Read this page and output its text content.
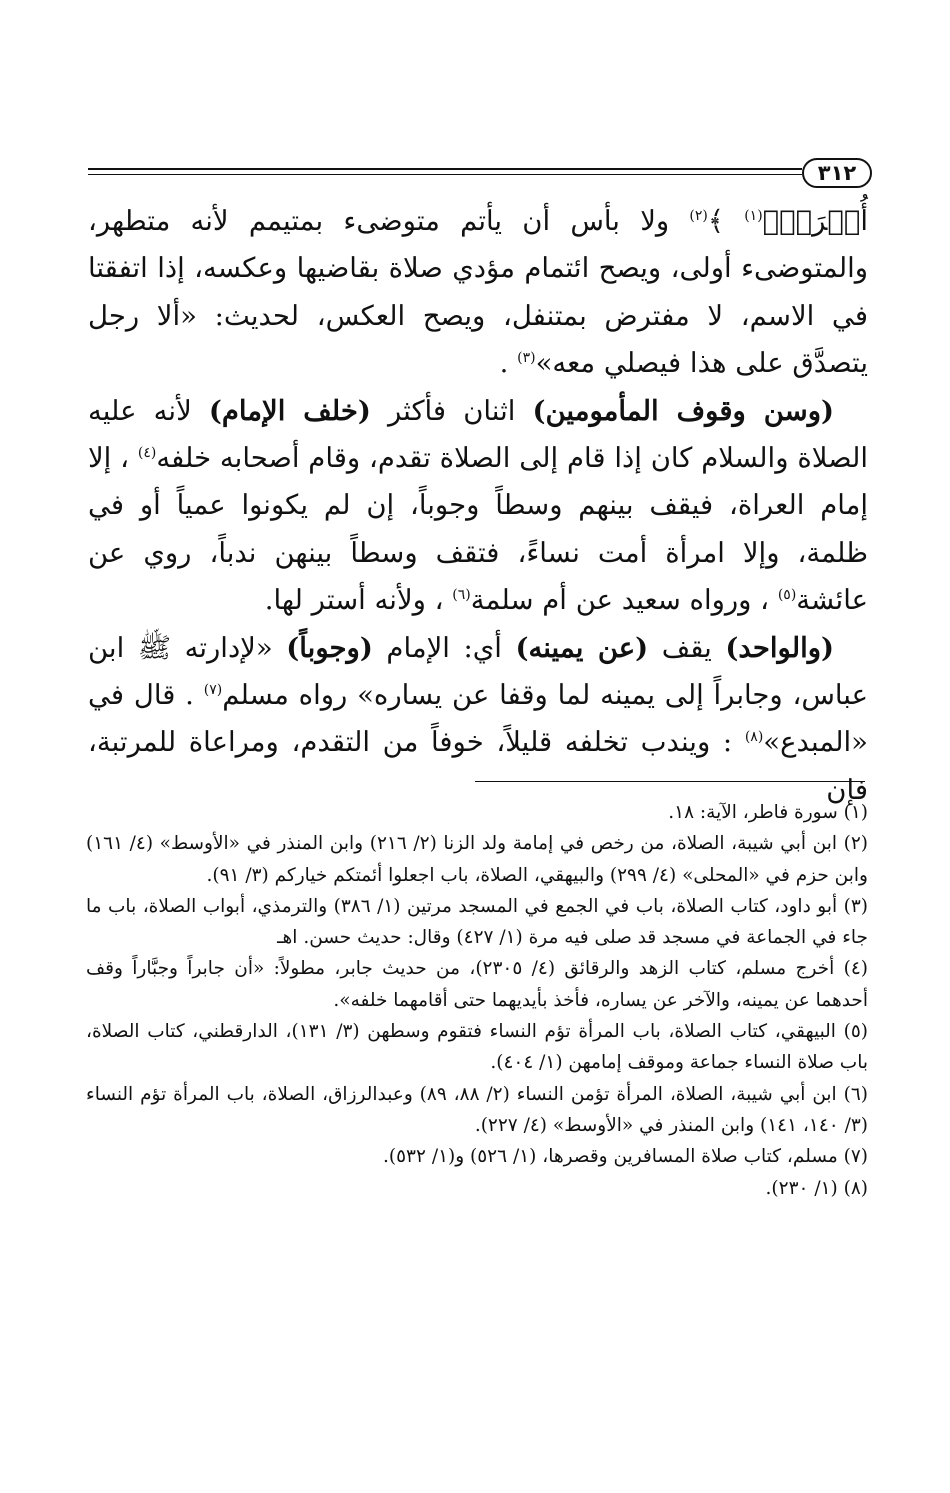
٣١٢

أُخۡرَىٰۚ$^{(١)}$ ﴾$^{(٢)}$ ولا بأس أن يأتم متوضىء بمتيمم لأنه متطهر، والمتوضىء أولى، ويصح ائتمام مؤدي صلاة بقاضيها وعكسه، إذا اتفقتا في الاسم، لا مفترض بمتنفل، ويصح العكس، لحديث: «ألا رجل يتصدَّق على هذا فيصلي معه»$^{(٣)}$ .

(وسن وقوف المأمومين) اثنان فأكثر (خلف الإمام) لأنه عليه الصلاة والسلام كان إذا قام إلى الصلاة تقدم، وقام أصحابه خلفه$^{(٤)}$ ، إلا إمام العراة، فيقف بينهم وسطاً وجوباً، إن لم يكونوا عمياً أو في ظلمة، وإلا امرأة أمت نساءً، فتقف وسطاً بينهن ندباً، روي عن عائشة$^{(٥)}$ ، ورواه سعيد عن أم سلمة$^{(٦)}$ ، ولأنه أستر لها.

(والواحد) يقف (عن يمينه) أي: الإمام (وجوباً) «لإدارته ﷺ ابن عباس، وجابراً إلى يمينه لما وقفا عن يساره» رواه مسلم$^{(٧)}$ . قال في «المبدع»$^{(٨)}$ : ويندب تخلفه قليلاً، خوفاً من التقدم، ومراعاة للمرتبة، فإن

(١) سورة فاطر، الآية: ١٨.

(٢) ابن أبي شيبة، الصلاة، من رخص في إمامة ولد الزنا (٢/ ٢١٦) وابن المنذر في «الأوسط» (٤/ ١٦١) وابن حزم في «المحلى» (٤/ ٢٩٩) والبيهقي، الصلاة، باب اجعلوا أئمتكم خياركم (٣/ ٩١).

(٣) أبو داود، كتاب الصلاة، باب في الجمع في المسجد مرتين (١/ ٣٨٦) والترمذي، أبواب الصلاة، باب ما جاء في الجماعة في مسجد قد صلى فيه مرة (١/ ٤٢٧) وقال: حديث حسن. اهـ

(٤) أخرج مسلم، كتاب الزهد والرقائق (٤/ ٢٣٠٥)، من حديث جابر، مطولاً: «أن جابراً وجبَّاراً وقف أحدهما عن يمينه، والآخر عن يساره، فأخذ بأيديهما حتى أقامهما خلفه».

(٥) البيهقي، كتاب الصلاة، باب المرأة تؤم النساء فتقوم وسطهن (٣/ ١٣١)، الدارقطني، كتاب الصلاة، باب صلاة النساء جماعة وموقف إمامهن (١/ ٤٠٤).

(٦) ابن أبي شيبة، الصلاة، المرأة تؤمن النساء (٢/ ٨٨، ٨٩) وعبدالرزاق، الصلاة، باب المرأة تؤم النساء (٣/ ١٤٠، ١٤١) وابن المنذر في «الأوسط» (٤/ ٢٢٧).

(٧) مسلم، كتاب صلاة المسافرين وقصرها، (١/ ٥٢٦) و(١/ ٥٣٢).

(٨) (١/ ٢٣٠).
